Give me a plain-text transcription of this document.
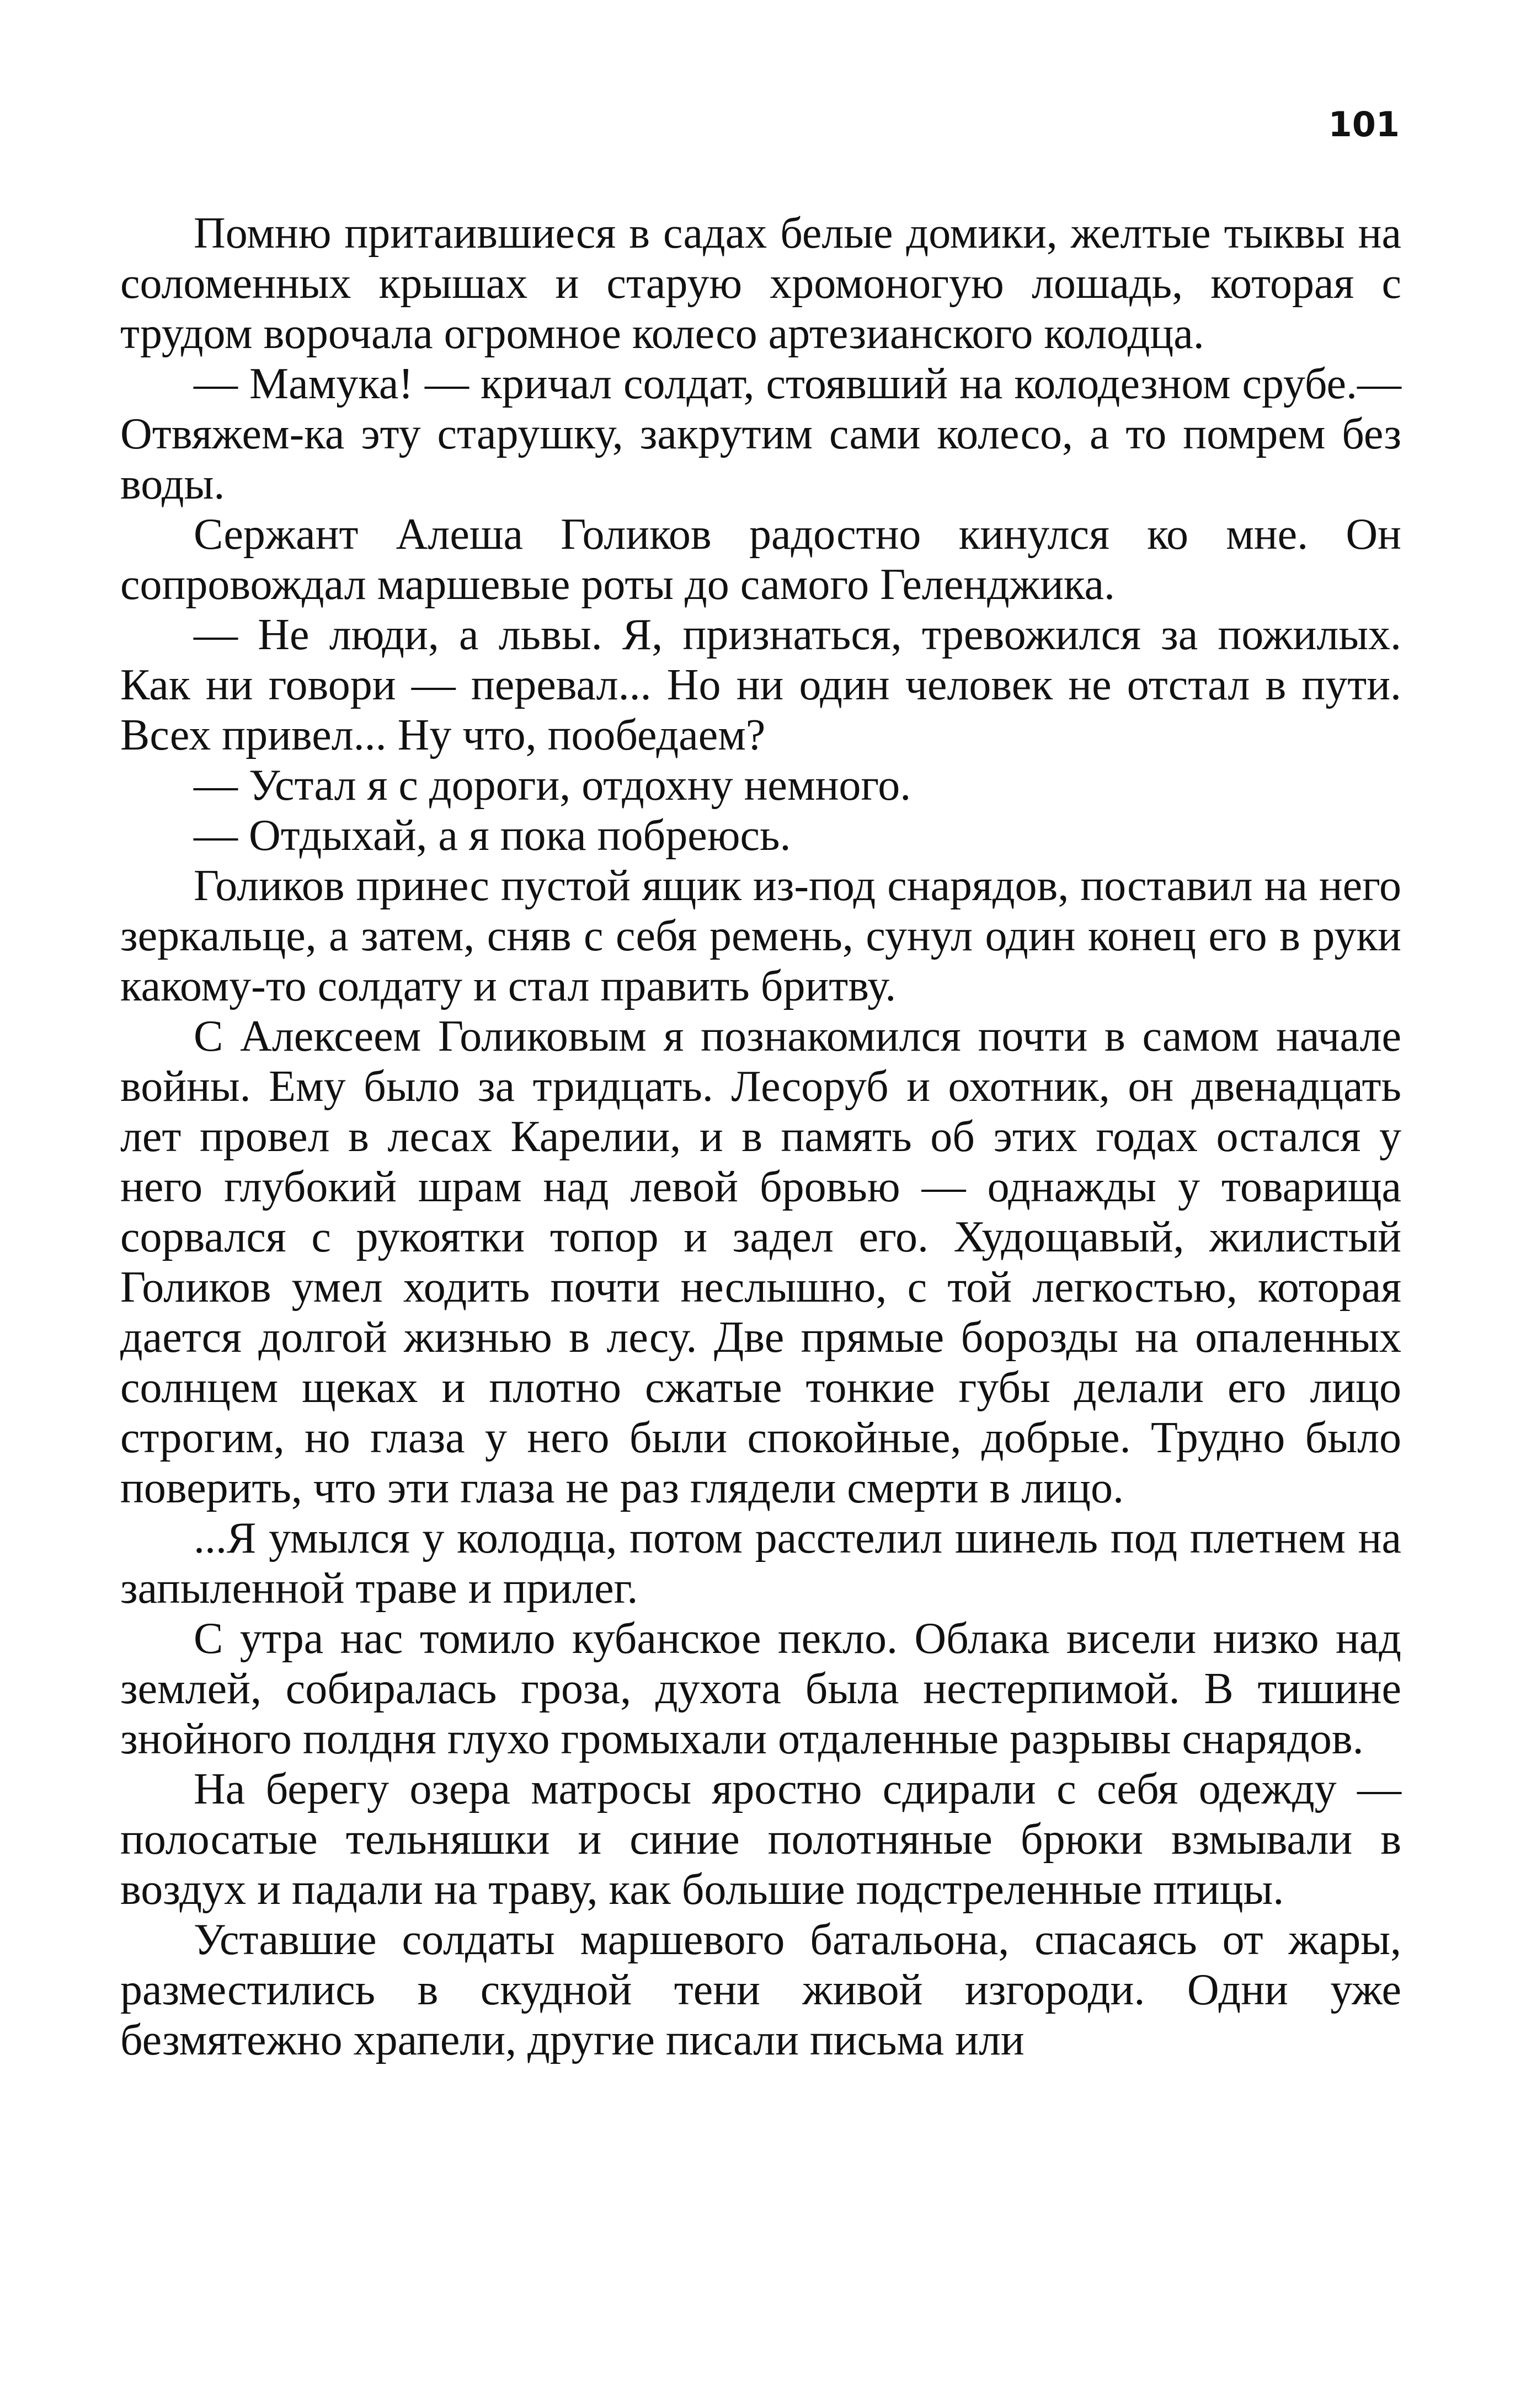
101

Помню притаившиеся в садах белые домики, желтые тыквы на соломенных крышах и старую хромоногую лошадь, которая с трудом ворочала огромное колесо артезианского колодца.

— Мамука! — кричал солдат, стоявший на колодезном срубе.— Отвяжем-ка эту старушку, закрутим сами колесо, а то помрем без воды.

Сержант Алеша Голиков радостно кинулся ко мне. Он сопровождал маршевые роты до самого Геленджика.

— Не люди, а львы. Я, признаться, тревожился за пожилых. Как ни говори — перевал... Но ни один человек не отстал в пути. Всех привел... Ну что, пообедаем?

— Устал я с дороги, отдохну немного.

— Отдыхай, а я пока побреюсь.

Голиков принес пустой ящик из-под снарядов, поставил на него зеркальце, а затем, сняв с себя ремень, сунул один конец его в руки какому-то солдату и стал править бритву.

С Алексеем Голиковым я познакомился почти в самом начале войны. Ему было за тридцать. Лесоруб и охотник, он двенадцать лет провел в лесах Карелии, и в память об этих годах остался у него глубокий шрам над левой бровью — однажды у товарища сорвался с рукоятки топор и задел его. Худощавый, жилистый Голиков умел ходить почти неслышно, с той легкостью, которая дается долгой жизнью в лесу. Две прямые борозды на опаленных солнцем щеках и плотно сжатые тонкие губы делали его лицо строгим, но глаза у него были спокойные, добрые. Трудно было поверить, что эти глаза не раз глядели смерти в лицо.

...Я умылся у колодца, потом расстелил шинель под плетнем на запыленной траве и прилег.

С утра нас томило кубанское пекло. Облака висели низко над землей, собиралась гроза, духота была нестерпимой. В тишине знойного полдня глухо громыхали отдаленные разрывы снарядов.

На берегу озера матросы яростно сдирали с себя одежду — полосатые тельняшки и синие полотняные брюки взмывали в воздух и падали на траву, как большие подстреленные птицы.

Уставшие солдаты маршевого батальона, спасаясь от жары, разместились в скудной тени живой изгороди. Одни уже безмятежно храпели, другие писали письма или
